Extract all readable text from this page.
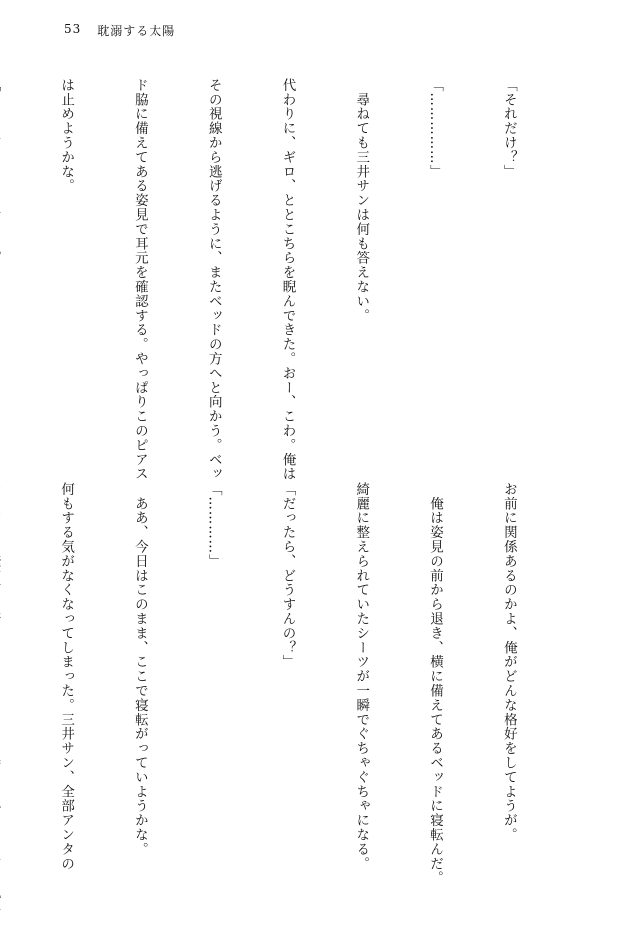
53 耽溺する太陽

「それだけ？」

「……………」

　尋ねても三井サンは何も答えない。

代わりに、ギロ、ととこちらを睨んできた。おー、こわ。俺は

その視線から逃げるように、またベッドの方へと向かう。ベッ

ド脇に備えてある姿見で耳元を確認する。やっぱりこのピアス

は止めようかな。

お前に関係あるのかよ、俺がどんな格好をしてようが。

　俺は姿見の前から退き、横に備えてあるベッドに寝転んだ。

綺麗に整えられていたシーツが一瞬でぐちゃぐちゃになる。

「だったら、どうすんの？」

「…………」

　ああ、今日はこのまま、ここで寝転がっていようかな。

何もする気がなくなってしまった。三井サン、全部アンタの
